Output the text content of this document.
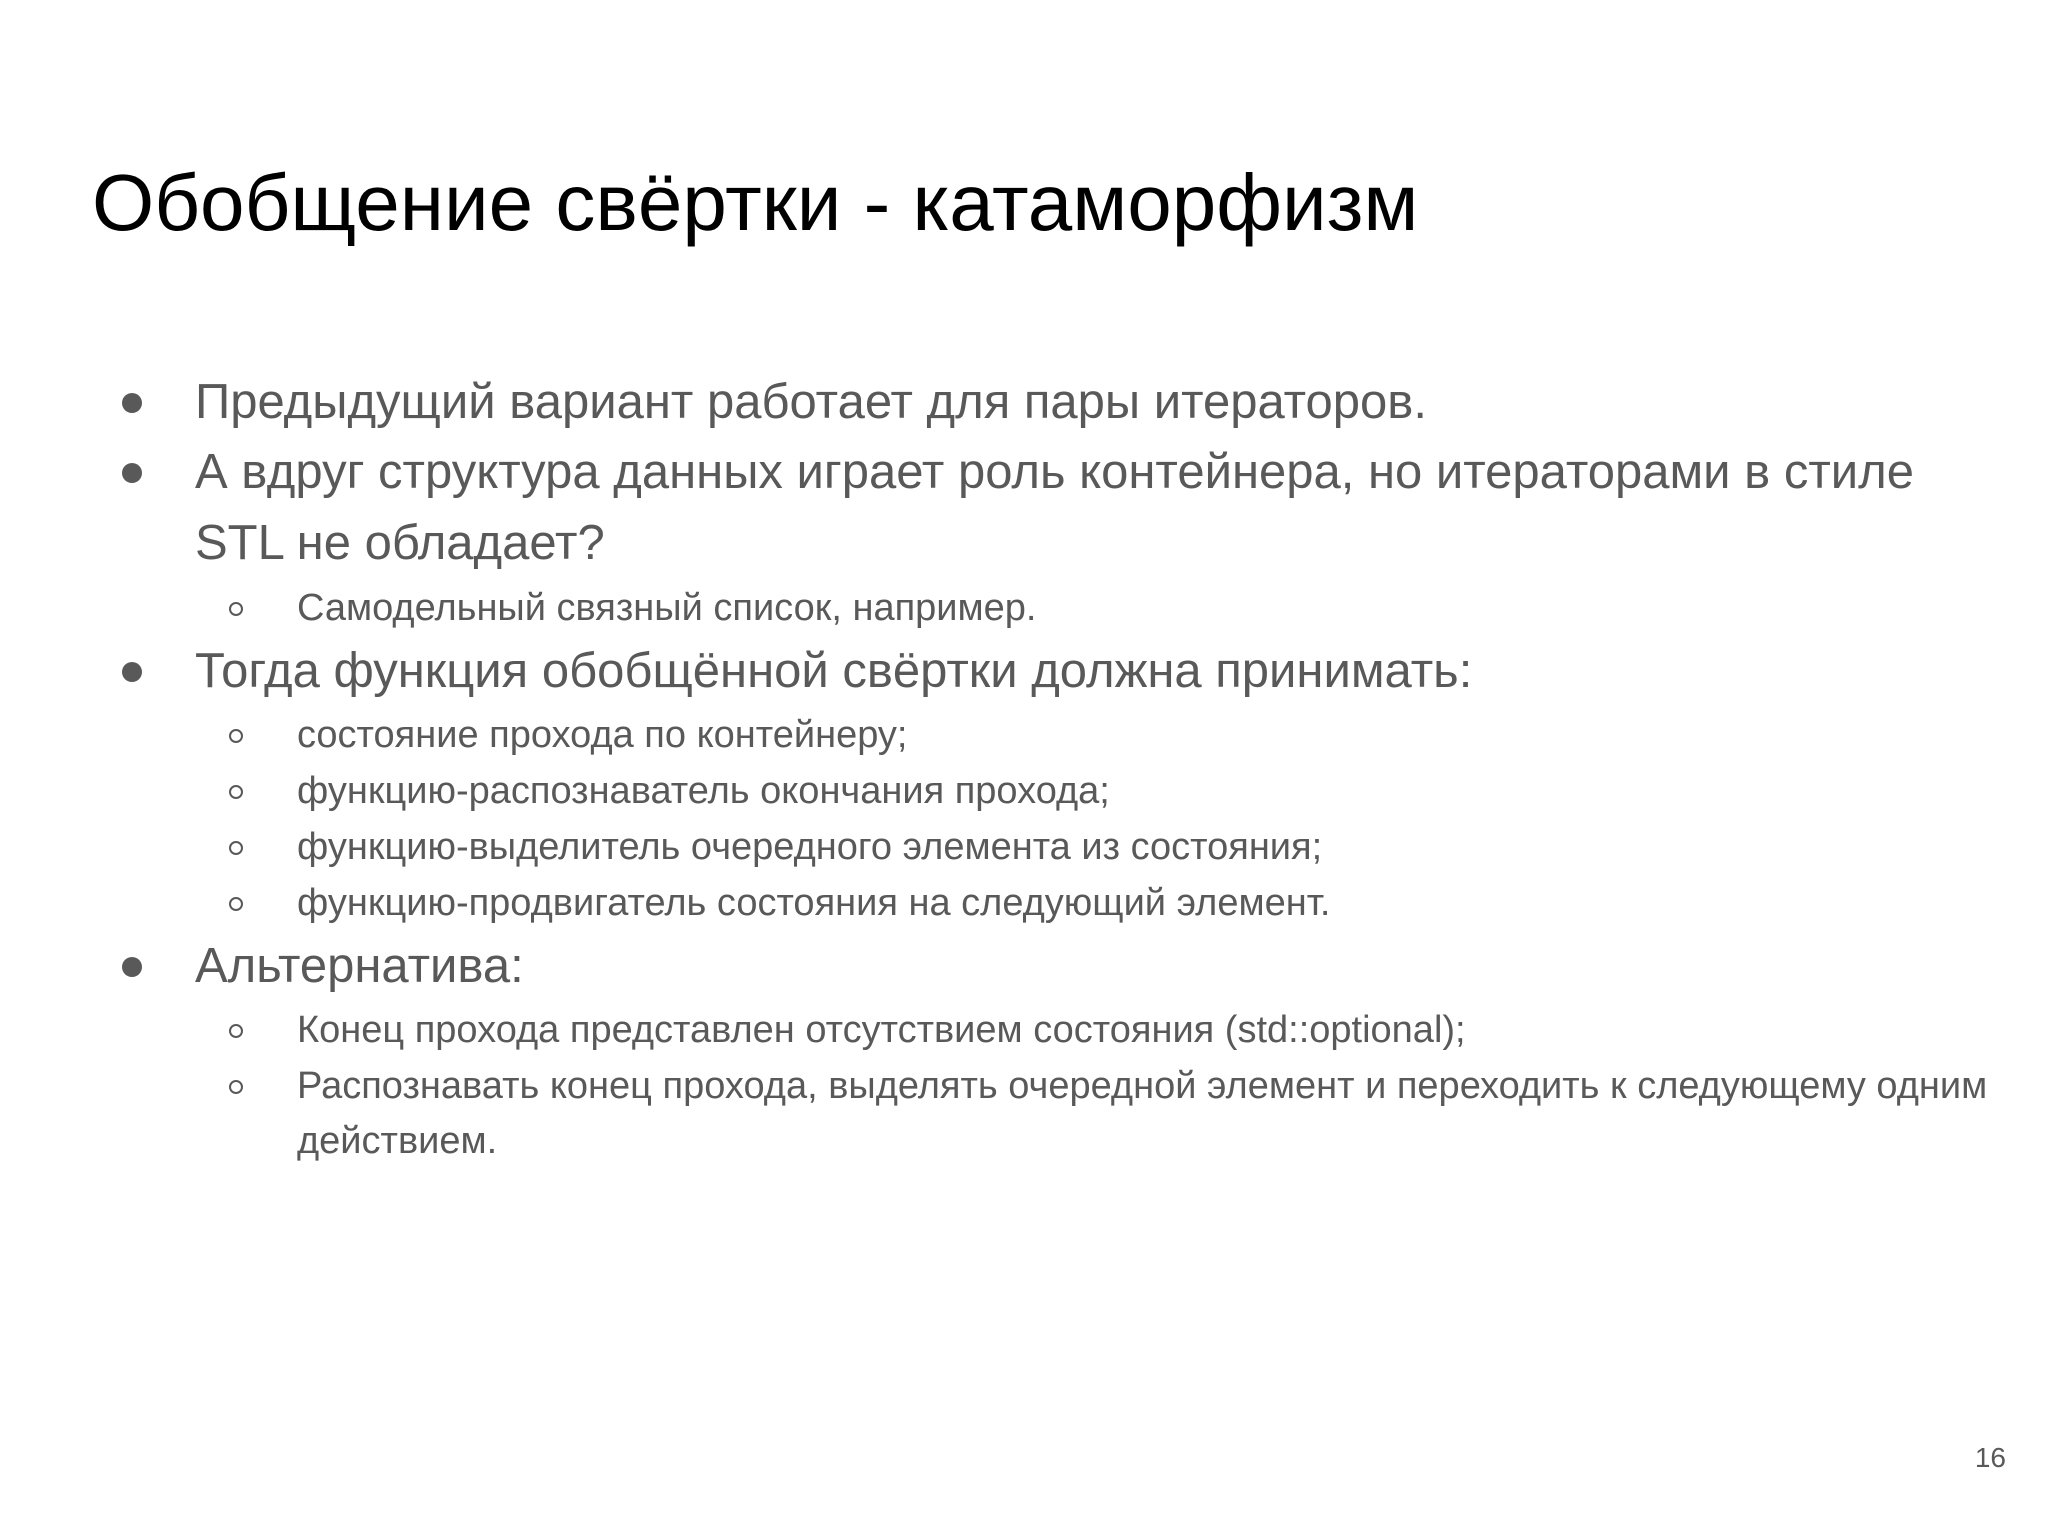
Обобщение свёртки - катаморфизм
Предыдущий вариант работает для пары итераторов.
А вдруг структура данных играет роль контейнера, но итераторами в стиле STL не обладает?
Самодельный связный список, например.
Тогда функция обобщённой свёртки должна принимать:
состояние прохода по контейнеру;
функцию-распознаватель окончания прохода;
функцию-выделитель очередного элемента из состояния;
функцию-продвигатель состояния на следующий элемент.
Альтернатива:
Конец прохода представлен отсутствием состояния (std::optional);
Распознавать конец прохода, выделять очередной элемент и переходить к следующему одним действием.
16
